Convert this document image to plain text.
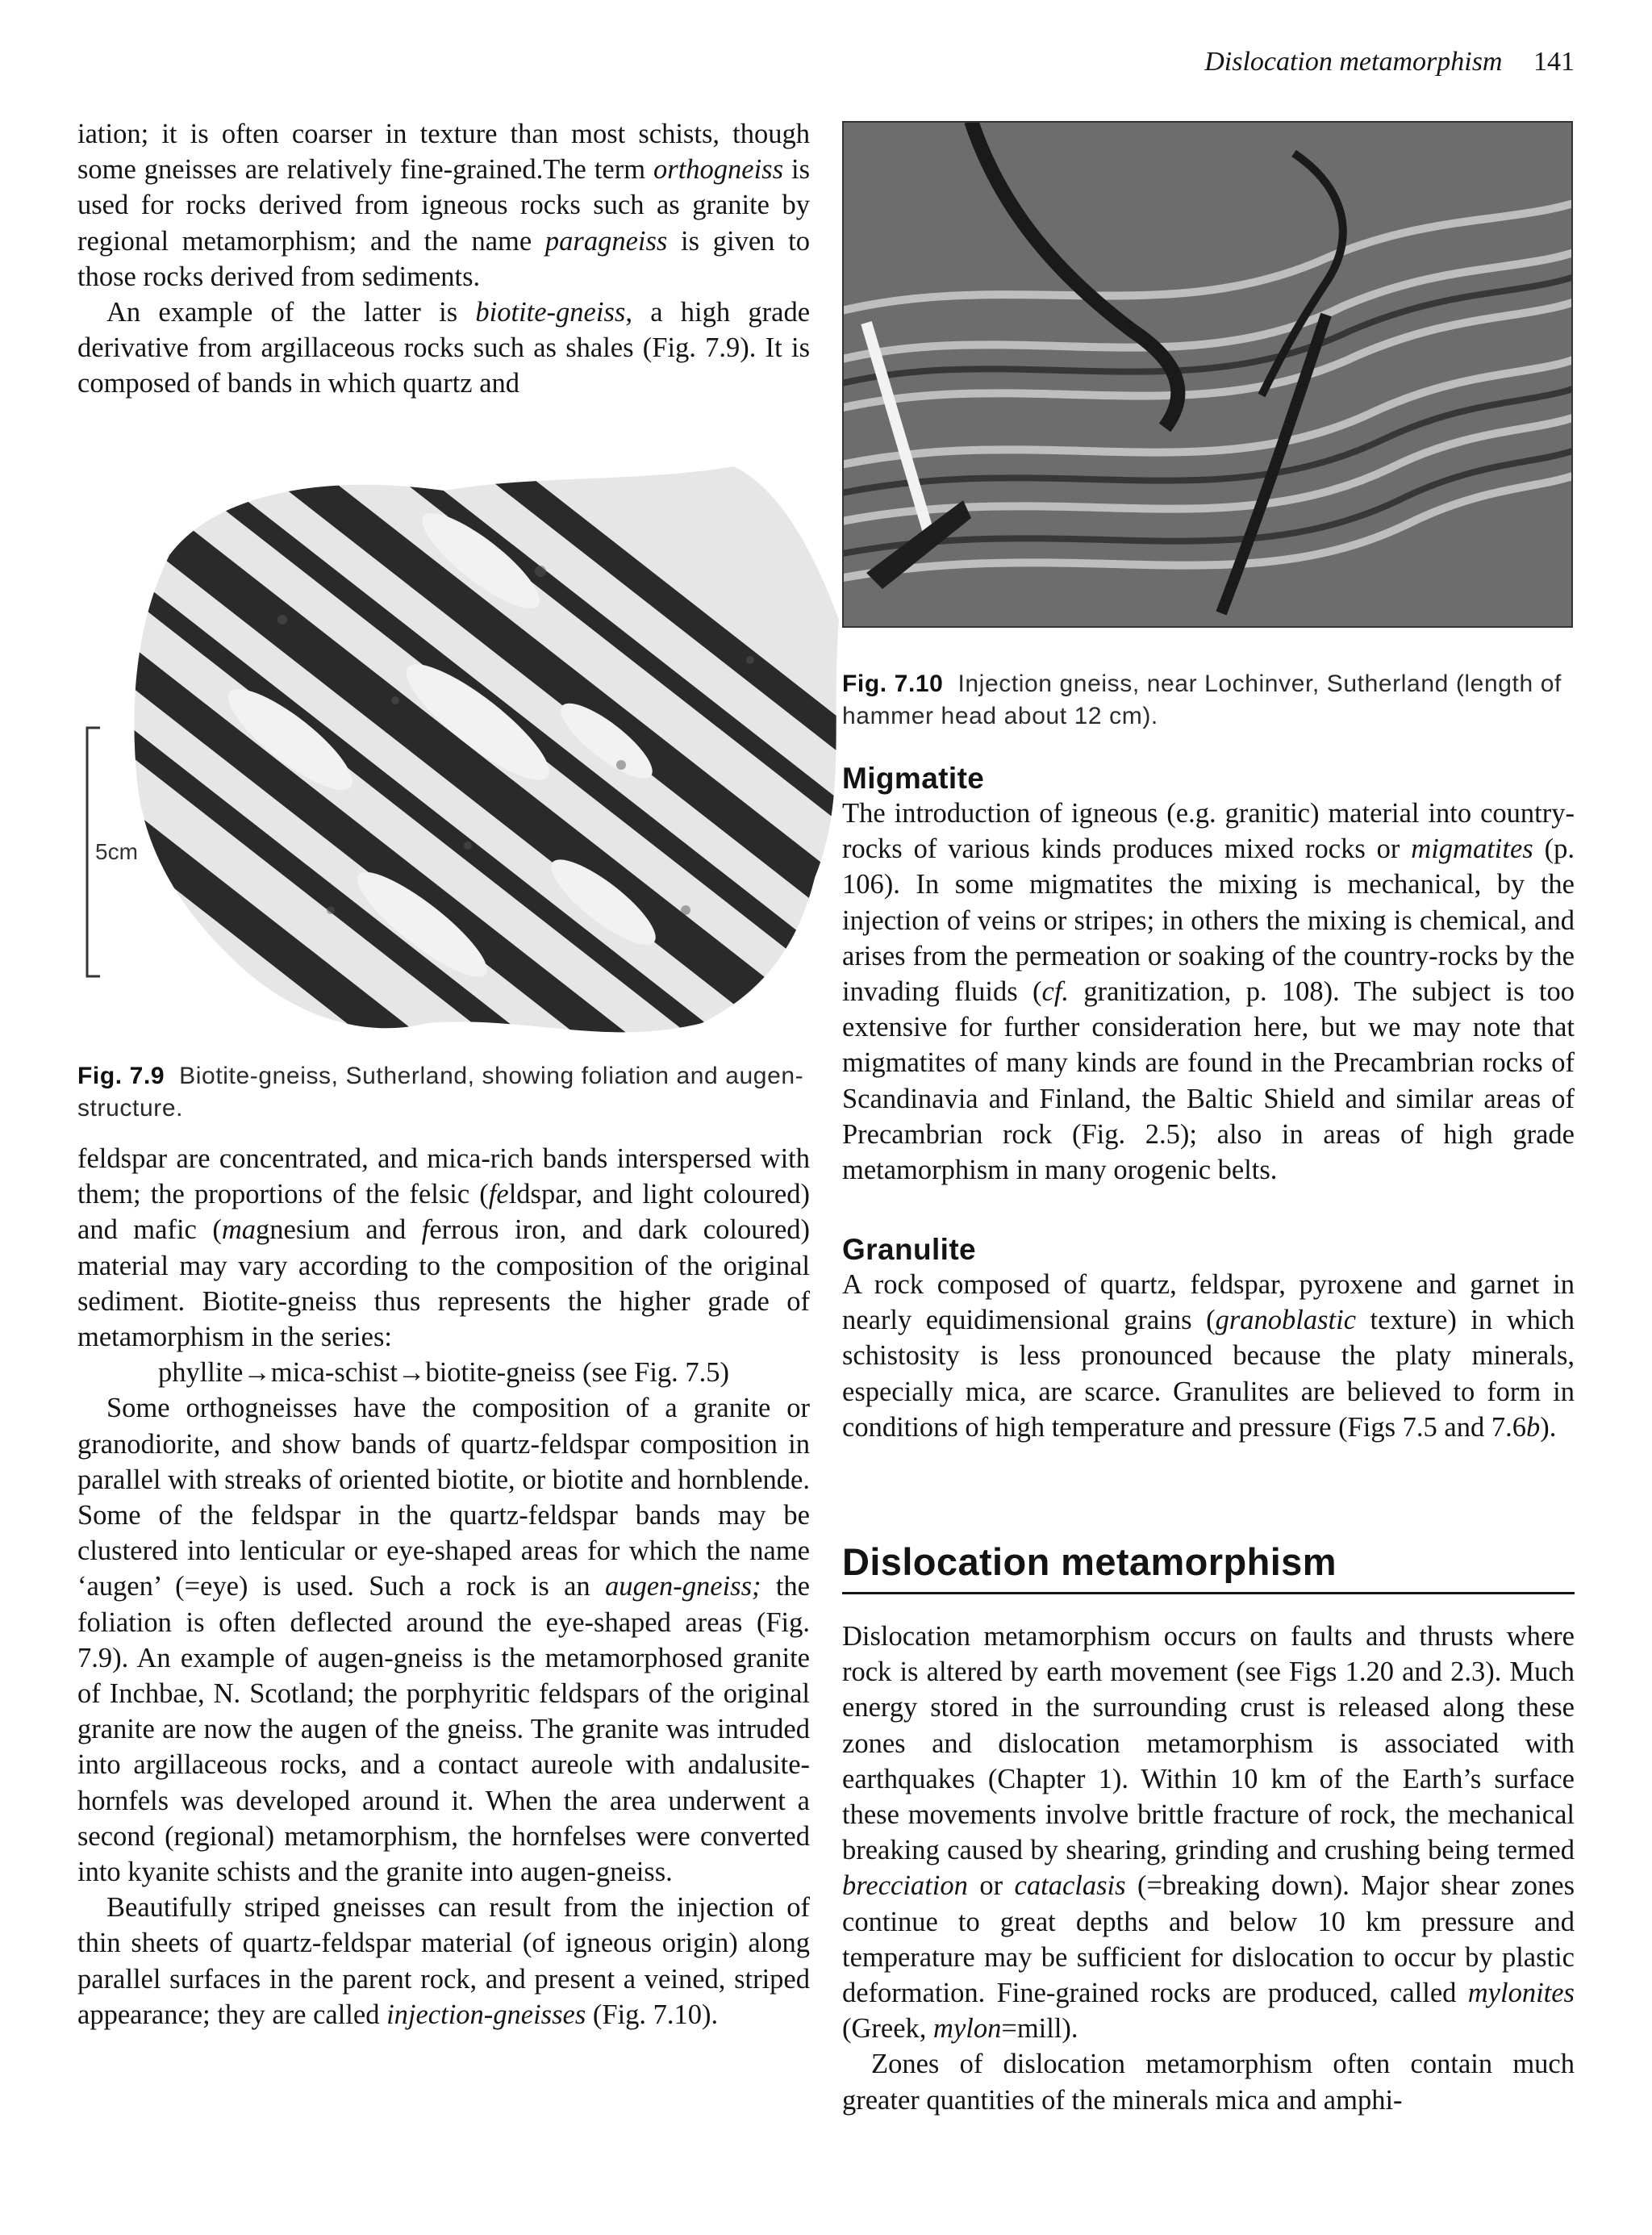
Dislocation metamorphism 141

iation; it is often coarser in texture than most schists, though some gneisses are relatively fine-grained.The term orthogneiss is used for rocks derived from igneous rocks such as granite by regional metamorphism; and the name paragneiss is given to those rocks derived from sediments.
An example of the latter is biotite-gneiss, a high grade derivative from argillaceous rocks such as shales (Fig. 7.9). It is composed of bands in which quartz and

5cm

Fig. 7.9 Biotite-gneiss, Sutherland, showing foliation and augen-structure.

feldspar are concentrated, and mica-rich bands interspersed with them; the proportions of the felsic (feldspar, and light coloured) and mafic (magnesium and ferrous iron, and dark coloured) material may vary according to the composition of the original sediment. Biotite-gneiss thus represents the higher grade of metamorphism in the series:
phyllite→mica-schist→biotite-gneiss (see Fig. 7.5)
Some orthogneisses have the composition of a granite or granodiorite, and show bands of quartz-feldspar composition in parallel with streaks of oriented biotite, or biotite and hornblende. Some of the feldspar in the quartz-feldspar bands may be clustered into lenticular or eye-shaped areas for which the name ‘augen’ (=eye) is used. Such a rock is an augen-gneiss; the foliation is often deflected around the eye-shaped areas (Fig. 7.9). An example of augen-gneiss is the metamorphosed granite of Inchbae, N. Scotland; the porphyritic feldspars of the original granite are now the augen of the gneiss. The granite was intruded into argillaceous rocks, and a contact aureole with andalusite-hornfels was developed around it. When the area underwent a second (regional) metamorphism, the hornfelses were converted into kyanite schists and the granite into augen-gneiss.
Beautifully striped gneisses can result from the injection of thin sheets of quartz-feldspar material (of igneous origin) along parallel surfaces in the parent rock, and present a veined, striped appearance; they are called injection-gneisses (Fig. 7.10).

Fig. 7.10 Injection gneiss, near Lochinver, Sutherland (length of hammer head about 12 cm).

Migmatite

The introduction of igneous (e.g. granitic) material into country-rocks of various kinds produces mixed rocks or migmatites (p. 106). In some migmatites the mixing is mechanical, by the injection of veins or stripes; in others the mixing is chemical, and arises from the permeation or soaking of the country-rocks by the invading fluids (cf. granitization, p. 108). The subject is too extensive for further consideration here, but we may note that migmatites of many kinds are found in the Precambrian rocks of Scandinavia and Finland, the Baltic Shield and similar areas of Precambrian rock (Fig. 2.5); also in areas of high grade metamorphism in many orogenic belts.

Granulite

A rock composed of quartz, feldspar, pyroxene and garnet in nearly equidimensional grains (granoblastic texture) in which schistosity is less pronounced because the platy minerals, especially mica, are scarce. Granulites are believed to form in conditions of high temperature and pressure (Figs 7.5 and 7.6b).

Dislocation metamorphism

Dislocation metamorphism occurs on faults and thrusts where rock is altered by earth movement (see Figs 1.20 and 2.3). Much energy stored in the surrounding crust is released along these zones and dislocation metamorphism is associated with earthquakes (Chapter 1). Within 10 km of the Earth’s surface these movements involve brittle fracture of rock, the mechanical breaking caused by shearing, grinding and crushing being termed brecciation or cataclasis (=breaking down). Major shear zones continue to great depths and below 10 km pressure and temperature may be sufficient for dislocation to occur by plastic deformation. Fine-grained rocks are produced, called mylonites (Greek, mylon=mill).
Zones of dislocation metamorphism often contain much greater quantities of the minerals mica and amphi-
